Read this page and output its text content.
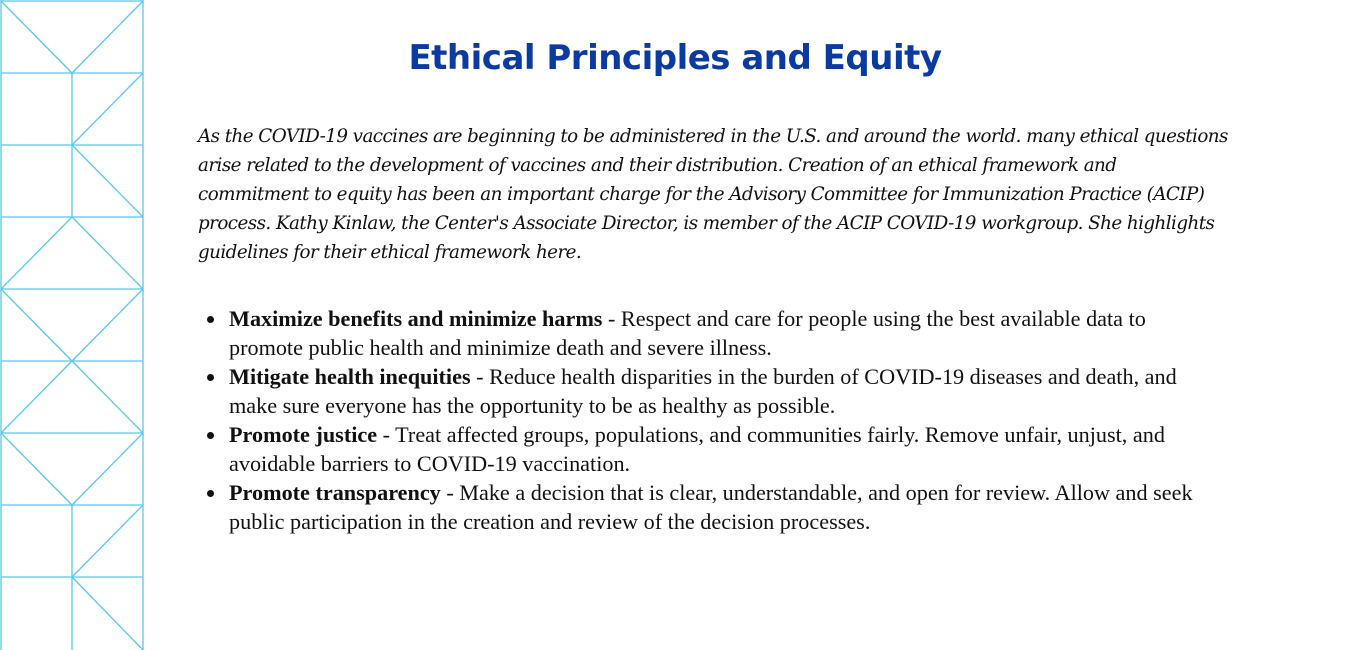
Ethical Principles and Equity

As the COVID-19 vaccines are beginning to be administered in the U.S. and around the world. many ethical questions arise related to the development of vaccines and their distribution. Creation of an ethical framework and commitment to equity has been an important charge for the Advisory Committee for Immunization Practice (ACIP) process. Kathy Kinlaw, the Center's Associate Director, is member of the ACIP COVID-19 workgroup. She highlights guidelines for their ethical framework here.

Maximize benefits and minimize harms - Respect and care for people using the best available data to promote public health and minimize death and severe illness.
Mitigate health inequities - Reduce health disparities in the burden of COVID-19 diseases and death, and make sure everyone has the opportunity to be as healthy as possible.
Promote justice - Treat affected groups, populations, and communities fairly. Remove unfair, unjust, and avoidable barriers to COVID-19 vaccination.
Promote transparency - Make a decision that is clear, understandable, and open for review. Allow and seek public participation in the creation and review of the decision processes.
